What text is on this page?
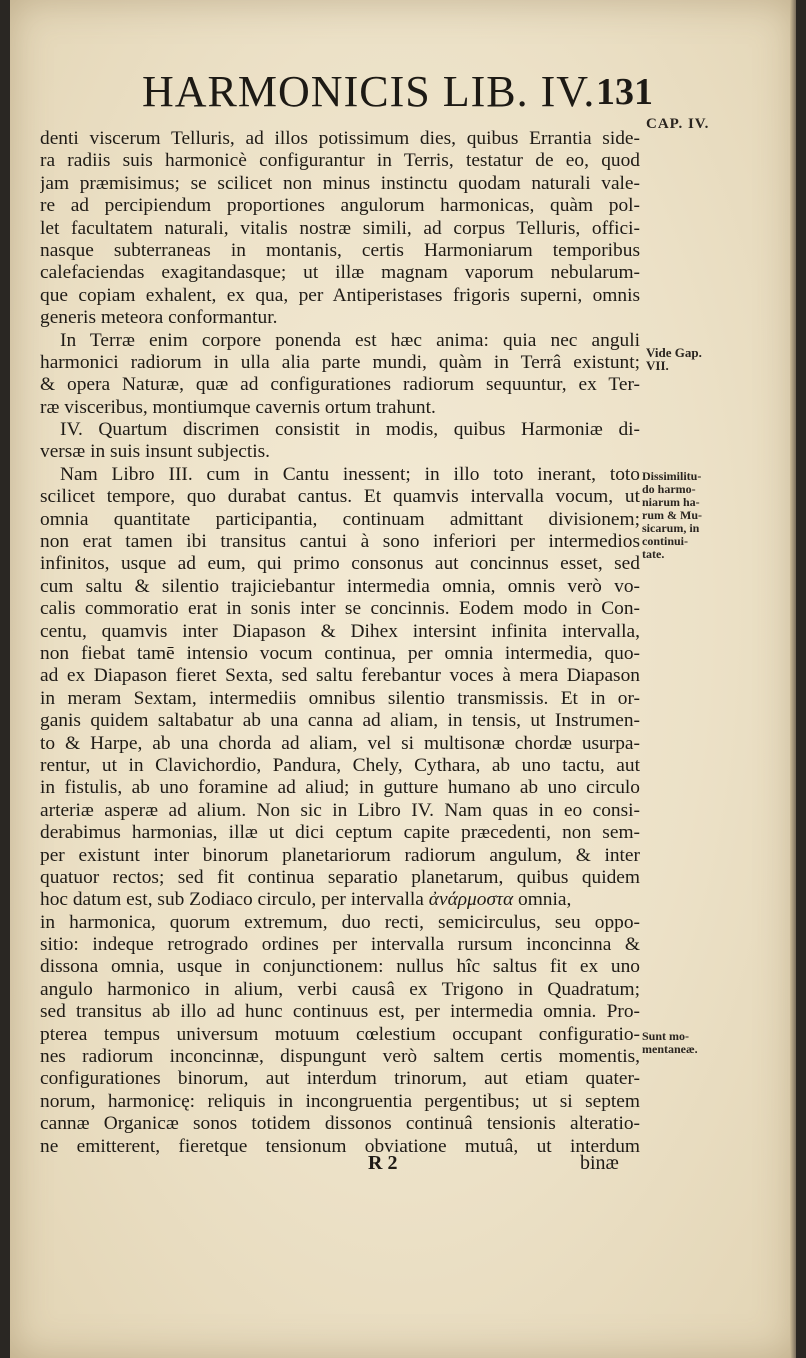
HARMONICIS LIB. IV. 131
denti viscerum Telluris, ad illos potissimum dies, quibus Errantia side-
ra radiis suis harmonicè configurantur in Terris, testatur de eo, quod
jam præmisimus; se scilicet non minus instinctu quodam naturali vale-
re ad percipiendum proportiones angulorum harmonicas, quàm pol-
let facultatem naturali, vitalis nostræ simili, ad corpus Telluris, offici-
nasque subterraneas in montanis, certis Harmoniarum temporibus
calefaciendas exagitandasque; ut illæ magnam vaporum nebularum-
que copiam exhalent, ex qua, per Antiperistases frigoris superni, omnis
generis meteora conformantur.
In Terræ enim corpore ponenda est hæc anima: quia nec anguli
harmonici radiorum in ulla alia parte mundi, quàm in Terrâ existunt;
& opera Naturæ, quæ ad configurationes radiorum sequuntur, ex Ter-
ræ visceribus, montiumque cavernis ortum trahunt.
IV. Quartum discrimen consistit in modis, quibus Harmoniæ di-
versæ in suis insunt subjectis.
Nam Libro III. cum in Cantu inessent; in illo toto inerant, toto
scilicet tempore, quo durabat cantus. Et quamvis intervalla vocum, ut
omnia quantitate participantia, continuam admittant divisionem;
non erat tamen ibi transitus cantui à sono inferiori per intermedios
infinitos, usque ad eum, qui primo consonus aut concinnus esset, sed
cum saltu & silentio trajiciebantur intermedia omnia, omnis verò vo-
calis commoratio erat in sonis inter se concinnis. Eodem modo in Con-
centu, quamvis inter Diapason & Dihex intersint infinita intervalla,
non fiebat tamē intensio vocum continua, per omnia intermedia, quo-
ad ex Diapason fieret Sexta, sed saltu ferebantur voces à mera Diapason
in meram Sextam, intermediis omnibus silentio transmissis. Et in or-
ganis quidem saltabatur ab una canna ad aliam, in tensis, ut Instrumen-
to & Harpe, ab una chorda ad aliam, vel si multisonæ chordæ usurpa-
rentur, ut in Clavichordio, Pandura, Chely, Cythara, ab uno tactu, aut
in fistulis, ab uno foramine ad aliud; in gutture humano ab uno circulo
arteriæ asperæ ad alium. Non sic in Libro IV. Nam quas in eo consi-
derabimus harmonias, illæ ut dici ceptum capite præcedenti, non sem-
per existunt inter binorum planetariorum radiorum angulum, & inter
quatuor rectos; sed fit continua separatio planetarum, quibus quidem
hoc datum est, sub Zodiaco circulo, per intervalla ἀνάρμοστα omnia,
in harmonica, quorum extremum, duo recti, semicirculus, seu oppo-
sitio: indeque retrogrado ordines per intervalla rursum inconcinna &
dissona omnia, usque in conjunctionem: nullus hîc saltus fit ex uno
angulo harmonico in alium, verbi causâ ex Trigono in Quadratum;
sed transitus ab illo ad hunc continuus est, per intermedia omnia. Pro-
pterea tempus universum motuum cœlestium occupant configuratio-
nes radiorum inconcinnæ, dispungunt verò saltem certis momentis,
configurationes binorum, aut interdum trinorum, aut etiam quater-
norum, harmonicę: reliquis in incongruentia pergentibus; ut si septem
cannæ Organicæ sonos totidem dissonos continuâ tensionis alteratio-
ne emitterent, fieretque tensionum obviatione mutuâ, ut interdum
CAP. IV.
Vide Gap.
VII.
Dissimilitu-
do harmo-
niarum ha-
rum & Mu-
sicarum, in
continui-
tate.
Sunt mo-
mentaneæ.
R 2	binæ
